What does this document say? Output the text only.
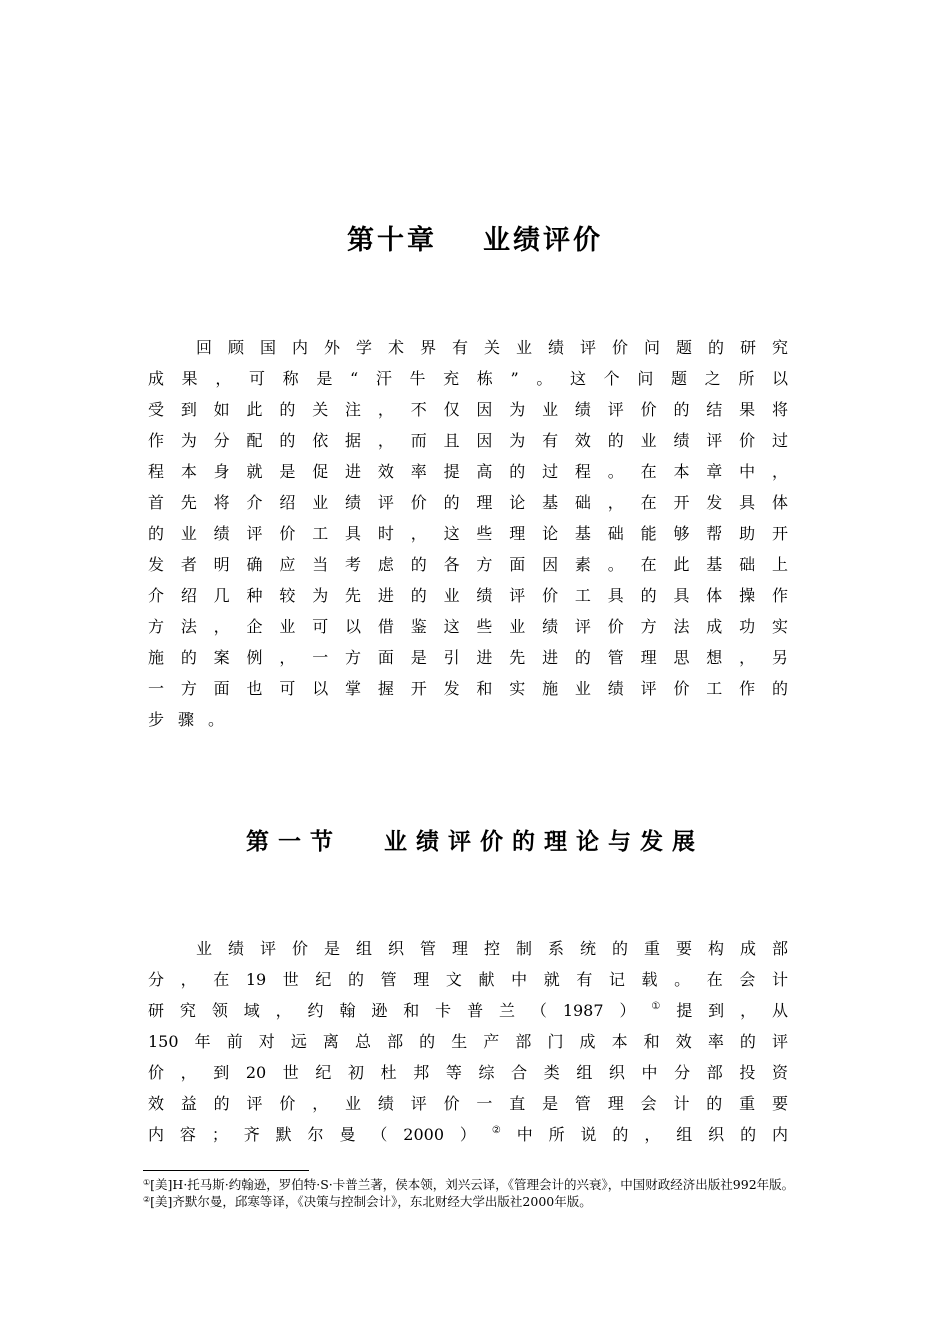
第十章 业绩评价
回顾国内外学术界有关业绩评价问题的研究
成果，可称是“汗牛充栋”。这个问题之所以
受到如此的关注，不仅因为业绩评价的结果将
作为分配的依据，而且因为有效的业绩评价过
程本身就是促进效率提高的过程。在本章中，
首先将介绍业绩评价的理论基础，在开发具体
的业绩评价工具时，这些理论基础能够帮助开
发者明确应当考虑的各方面因素。在此基础上
介绍几种较为先进的业绩评价工具的具体操作
方法，企业可以借鉴这些业绩评价方法成功实
施的案例，一方面是引进先进的管理思想，另
一方面也可以掌握开发和实施业绩评价工作的
步骤。
第一节 业绩评价的理论与发展
业绩评价是组织管理控制系统的重要构成部
分，在19世纪的管理文献中就有记载。在会计
研究领域，约翰逊和卡普兰（1987）①提到，从
150年前对远离总部的生产部门成本和效率的评
价，到20世纪初杜邦等综合类组织中分部投资
效益的评价，业绩评价一直是管理会计的重要
内容；齐默尔曼（2000）②中所说的，组织的内
①[美]H·托马斯·约翰逊，罗伯特·S·卡普兰著，侯本领，刘兴云译，《管理会计的兴衰》，中国财政经济出版社992年版。
②[美]齐默尔曼，邱寒等译，《决策与控制会计》，东北财经大学出版社2000年版。
